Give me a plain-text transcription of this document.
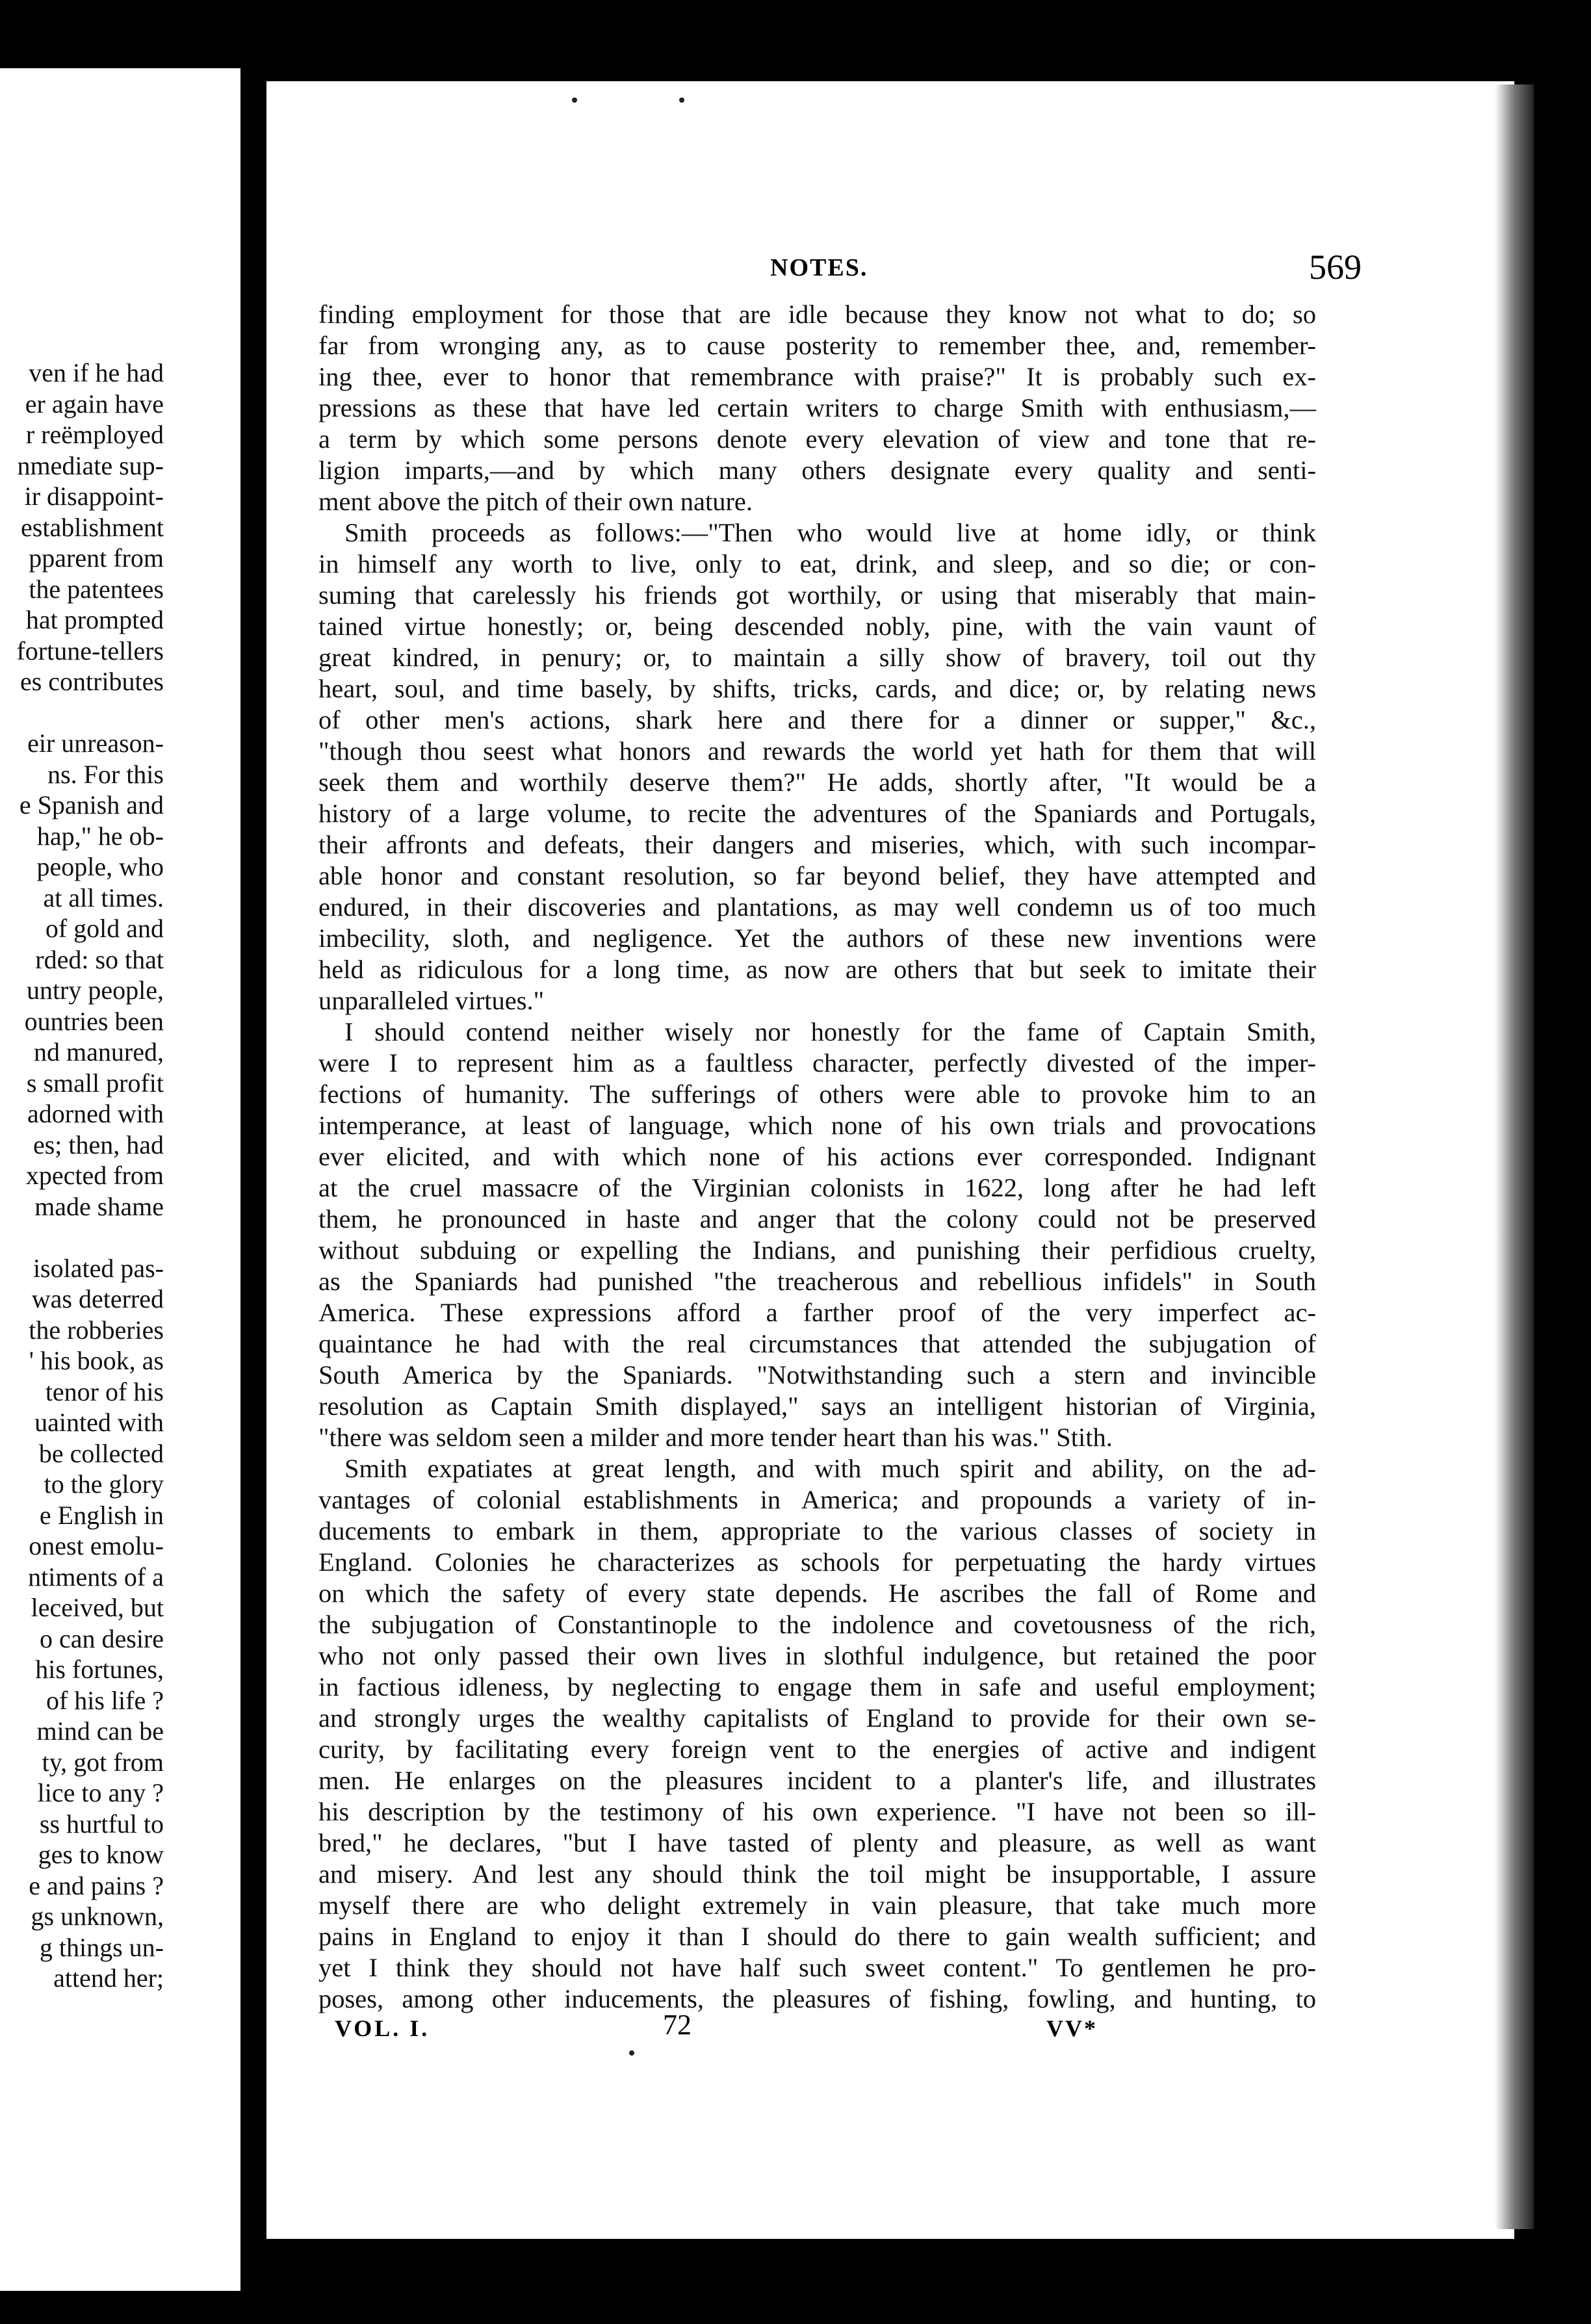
ven if he had
er again have
r reëmployed
nmediate sup-
ir disappoint-
establishment
pparent from
the patentees
hat prompted
fortune-tellers
es contributes
eir unreason-
ns. For this
e Spanish and
hap," he ob-
people, who
at all times.
of gold and
rded: so that
untry people,
ountries been
nd manured,
s small profit
adorned with
es; then, had
xpected from
made shame
isolated pas-
was deterred
the robberies
' his book, as
tenor of his
uainted with
be collected
to the glory
e English in
onest emolu-
ntiments of a
leceived, but
o can desire
his fortunes,
of his life ?
mind can be
ty, got from
lice to any ?
ss hurtful to
ges to know
e and pains ?
gs unknown,
g things un-
attend her;
NOTES.	569
finding employment for those that are idle because they know not what to do; so
far from wronging any, as to cause posterity to remember thee, and, remember-
ing thee, ever to honor that remembrance with praise?" It is probably such ex-
pressions as these that have led certain writers to charge Smith with enthusiasm,—
a term by which some persons denote every elevation of view and tone that re-
ligion imparts,—and by which many others designate every quality and senti-
ment above the pitch of their own nature.
Smith proceeds as follows:—"Then who would live at home idly, or think
in himself any worth to live, only to eat, drink, and sleep, and so die; or con-
suming that carelessly his friends got worthily, or using that miserably that main-
tained virtue honestly; or, being descended nobly, pine, with the vain vaunt of
great kindred, in penury; or, to maintain a silly show of bravery, toil out thy
heart, soul, and time basely, by shifts, tricks, cards, and dice; or, by relating news
of other men's actions, shark here and there for a dinner or supper," &c.,
"though thou seest what honors and rewards the world yet hath for them that will
seek them and worthily deserve them?" He adds, shortly after, "It would be a
history of a large volume, to recite the adventures of the Spaniards and Portugals,
their affronts and defeats, their dangers and miseries, which, with such incompar-
able honor and constant resolution, so far beyond belief, they have attempted and
endured, in their discoveries and plantations, as may well condemn us of too much
imbecility, sloth, and negligence. Yet the authors of these new inventions were
held as ridiculous for a long time, as now are others that but seek to imitate their
unparalleled virtues."
I should contend neither wisely nor honestly for the fame of Captain Smith,
were I to represent him as a faultless character, perfectly divested of the imper-
fections of humanity. The sufferings of others were able to provoke him to an
intemperance, at least of language, which none of his own trials and provocations
ever elicited, and with which none of his actions ever corresponded. Indignant
at the cruel massacre of the Virginian colonists in 1622, long after he had left
them, he pronounced in haste and anger that the colony could not be preserved
without subduing or expelling the Indians, and punishing their perfidious cruelty,
as the Spaniards had punished "the treacherous and rebellious infidels" in South
America. These expressions afford a farther proof of the very imperfect ac-
quaintance he had with the real circumstances that attended the subjugation of
South America by the Spaniards. "Notwithstanding such a stern and invincible
resolution as Captain Smith displayed," says an intelligent historian of Virginia,
"there was seldom seen a milder and more tender heart than his was." Stith.
Smith expatiates at great length, and with much spirit and ability, on the ad-
vantages of colonial establishments in America; and propounds a variety of in-
ducements to embark in them, appropriate to the various classes of society in
England. Colonies he characterizes as schools for perpetuating the hardy virtues
on which the safety of every state depends. He ascribes the fall of Rome and
the subjugation of Constantinople to the indolence and covetousness of the rich,
who not only passed their own lives in slothful indulgence, but retained the poor
in factious idleness, by neglecting to engage them in safe and useful employment;
and strongly urges the wealthy capitalists of England to provide for their own se-
curity, by facilitating every foreign vent to the energies of active and indigent
men. He enlarges on the pleasures incident to a planter's life, and illustrates
his description by the testimony of his own experience. "I have not been so ill-
bred," he declares, "but I have tasted of plenty and pleasure, as well as want
and misery. And lest any should think the toil might be insupportable, I assure
myself there are who delight extremely in vain pleasure, that take much more
pains in England to enjoy it than I should do there to gain wealth sufficient; and
yet I think they should not have half such sweet content." To gentlemen he pro-
poses, among other inducements, the pleasures of fishing, fowling, and hunting, to
VOL. I.	72	VV*
